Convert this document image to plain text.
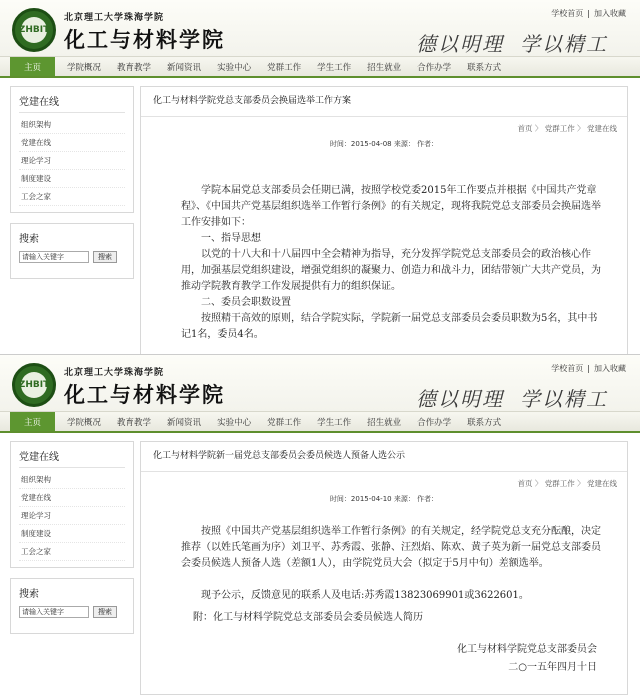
ZHBIT
北京理工大学珠海学院
化工与材料学院	德以明理 学以精工
学校首页 | 加入收藏
主页	学院概况	教育教学	新闻资讯	实验中心	党群工作	学生工作	招生就业	合作办学	联系方式
党建在线
组织架构
党建在线
理论学习
制度建设
工会之家
搜索
请输入关键字	搜索
化工与材料学院党总支部委员会换届选举工作方案
首页 〉 党群工作 〉 党建在线
时间：2015-04-08 来源： 作者：
学院本届党总支部委员会任期已满，按照学校党委2015年工作要点并根据《中国共产党章程》、《中国共产党基层组织选举工作暂行条例》的有关规定，现将我院党总支部委员会换届选举工作安排如下：
一、指导思想
以党的十八大和十八届四中全会精神为指导，充分发挥学院党总支部委员会的政治核心作用，加强基层党组织建设，增强党组织的凝聚力、创造力和战斗力，团结带领广大共产党员，为推动学院教育教学工作发展提供有力的组织保证。
二、委员会职数设置
按照精干高效的原则，结合学院实际，学院新一届党总支部委员会委员职数为5名，其中书记1名，委员4名。
ZHBIT
北京理工大学珠海学院
化工与材料学院	德以明理 学以精工
学校首页 | 加入收藏
主页	学院概况	教育教学	新闻资讯	实验中心	党群工作	学生工作	招生就业	合作办学	联系方式
党建在线
组织架构
党建在线
理论学习
制度建设
工会之家
搜索
请输入关键字	搜索
化工与材料学院新一届党总支部委员会委员候选人预备人选公示
首页 〉 党群工作 〉 党建在线
时间：2015-04-10 来源： 作者：
按照《中国共产党基层组织选举工作暂行条例》的有关规定，经学院党总支充分酝酿，决定推荐（以姓氏笔画为序）刘卫平、苏秀霞、张静、汪烈焰、陈欢、黄子英为新一届党总支部委员会委员候选人预备人选（差额1人），由学院党员大会（拟定于5月中旬）差额选举。
现予公示，反馈意见的联系人及电话:苏秀霞13823069901或3622601。
附：化工与材料学院党总支部委员会委员候选人简历
化工与材料学院党总支部委员会
二○一五年四月十日
